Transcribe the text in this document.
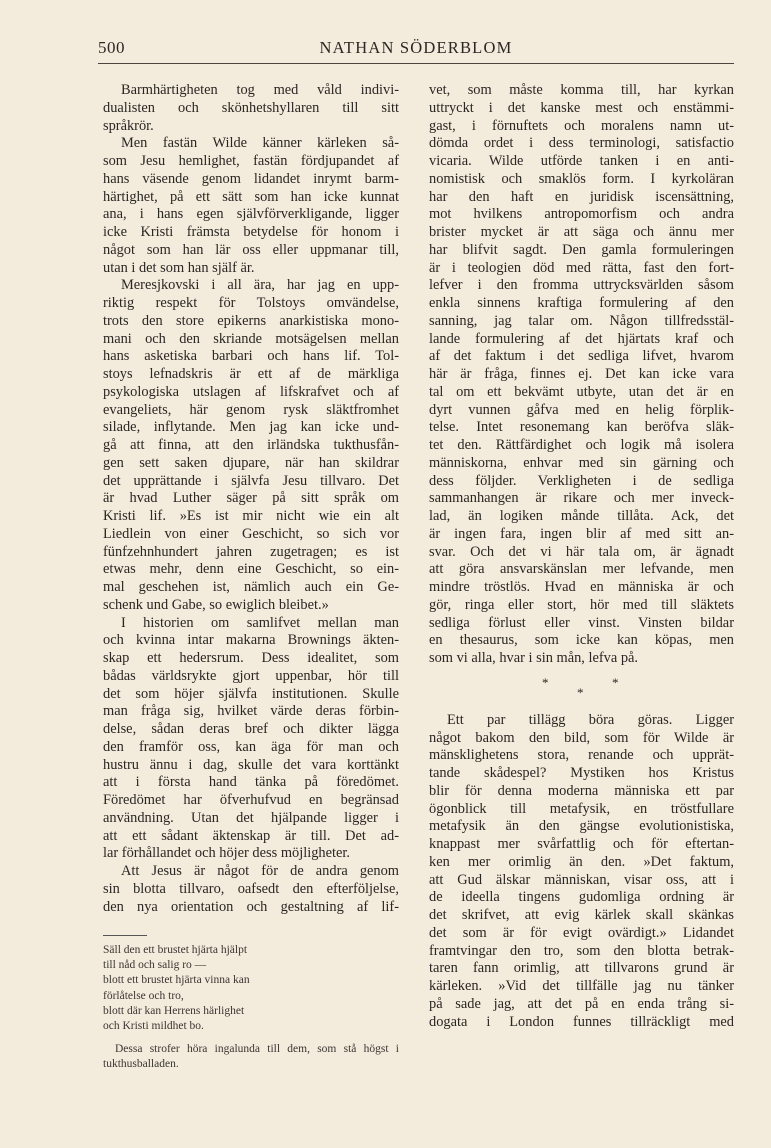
500	NATHAN SÖDERBLOM
Barmhärtigheten tog med våld indivi-
dualisten och skönhetshyllaren till sitt
språkrör.
Men fastän Wilde känner kärleken så-
som Jesu hemlighet, fastän fördjupandet af
hans väsende genom lidandet inrymt barm-
härtighet, på ett sätt som han icke kunnat
ana, i hans egen självförverkligande, ligger
icke Kristi främsta betydelse för honom i
något som han lär oss eller uppmanar till,
utan i det som han själf är.
Meresjkovski i all ära, har jag en upp-
riktig respekt för Tolstoys omvändelse,
trots den store epikerns anarkistiska mono-
mani och den skriande motsägelsen mellan
hans asketiska barbari och hans lif. Tol-
stoys lefnadskris är ett af de märkliga
psykologiska utslagen af lifskrafvet och af
evangeliets, här genom rysk släktfromhet
silade, inflytande. Men jag kan icke und-
gå att finna, att den irländska tukthusfån-
gen sett saken djupare, när han skildrar
det upprättande i självfa Jesu tillvaro. Det
är hvad Luther säger på sitt språk om
Kristi lif. »Es ist mir nicht wie ein alt
Liedlein von einer Geschicht, so sich vor
fünfzehnhundert jahren zugetragen; es ist
etwas mehr, denn eine Geschicht, so ein-
mal geschehen ist, nämlich auch ein Ge-
schenk und Gabe, so ewiglich bleibet.»
I historien om samlifvet mellan man
och kvinna intar makarna Brownings äkten-
skap ett hedersrum. Dess idealitet, som
bådas världsrykte gjort uppenbar, hör till
det som höjer självfa institutionen. Skulle
man fråga sig, hvilket värde deras förbin-
delse, sådan deras bref och dikter lägga
den framför oss, kan äga för man och
hustru ännu i dag, skulle det vara korttänkt
att i första hand tänka på föredömet.
Föredömet har öfverhufvud en begränsad
användning. Utan det hjälpande ligger i
att ett sådant äktenskap är till. Det ad-
lar förhållandet och höjer dess möjligheter.
Att Jesus är något för de andra genom
sin blotta tillvaro, oafsedt den efterföljelse,
den nya orientation och gestaltning af lif-
Säll den ett brustet hjärta hjälpt
till nåd och salig ro —
blott ett brustet hjärta vinna kan
förlåtelse och tro,
blott där kan Herrens härlighet
och Kristi mildhet bo.
Dessa strofer höra ingalunda till dem, som stå högst i tukthusballaden.
vet, som måste komma till, har kyrkan
uttryckt i det kanske mest och enstämmi-
gast, i förnuftets och moralens namn ut-
dömda ordet i dess terminologi, satisfactio
vicaria. Wilde utförde tanken i en anti-
nomistisk och smaklös form. I kyrkoläran
har den haft en juridisk iscensättning,
mot hvilkens antropomorfism och andra
brister mycket är att säga och ännu mer
har blifvit sagdt. Den gamla formuleringen
är i teologien död med rätta, fast den fort-
lefver i den fromma uttrycksvärlden såsom
enkla sinnens kraftiga formulering af den
sanning, jag talar om. Någon tillfredsstäl-
lande formulering af det hjärtats kraf och
af det faktum i det sedliga lifvet, hvarom
här är fråga, finnes ej. Det kan icke vara
tal om ett bekvämt utbyte, utan det är en
dyrt vunnen gåfva med en helig förplik-
telse. Intet resonemang kan beröfva släk-
tet den. Rättfärdighet och logik må isolera
människorna, enhvar med sin gärning och
dess följder. Verkligheten i de sedliga
sammanhangen är rikare och mer inveck-
lad, än logiken månde tillåta. Ack, det
är ingen fara, ingen blir af med sitt an-
svar. Och det vi här tala om, är ägnadt
att göra ansvarskänslan mer lefvande, men
mindre tröstlös. Hvad en människa är och
gör, ringa eller stort, hör med till släktets
sedliga förlust eller vinst. Vinsten bildar
en thesaurus, som icke kan köpas, men
som vi alla, hvar i sin mån, lefva på.
*
*
*
Ett par tillägg böra göras. Ligger
något bakom den bild, som för Wilde är
mänsklighetens stora, renande och upprät-
tande skådespel? Mystiken hos Kristus
blir för denna moderna människa ett par
ögonblick till metafysik, en tröstfullare
metafysik än den gängse evolutionistiska,
knappast mer svårfattlig och för eftertan-
ken mer orimlig än den. »Det faktum,
att Gud älskar människan, visar oss, att i
de ideella tingens gudomliga ordning är
det skrifvet, att evig kärlek skall skänkas
det som är för evigt ovärdigt.» Lidandet
framtvingar den tro, som den blotta betrak-
taren fann orimlig, att tillvarons grund är
kärleken. »Vid det tillfälle jag nu tänker
på sade jag, att det på en enda trång si-
dogata i London funnes tillräckligt med
